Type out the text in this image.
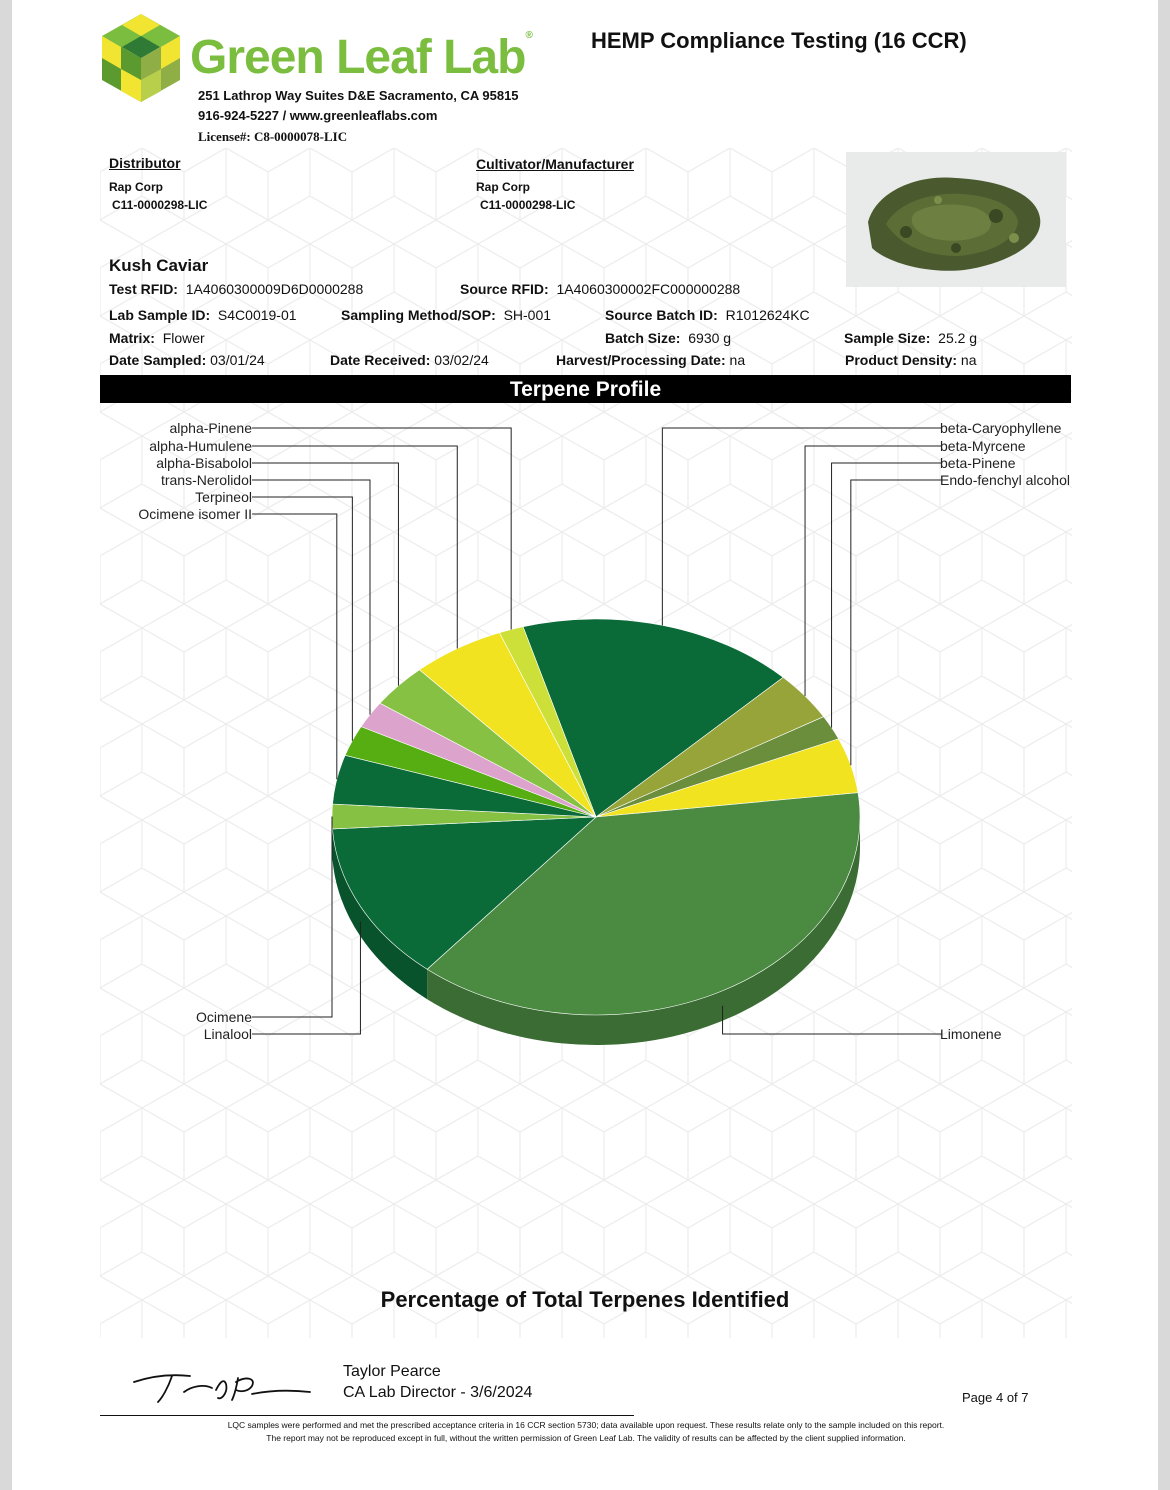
Green Leaf Lab®	HEMP Compliance Testing (16 CCR)
251 Lathrop Way Suites D&E Sacramento, CA 95815
916-924-5227 / www.greenleaflabs.com
License#: C8-0000078-LIC
Distributor
Rap Corp
C11-0000298-LIC
Cultivator/Manufacturer
Rap Corp
C11-0000298-LIC
Kush Caviar
Test RFID: 1A4060300009D6D0000288	Source RFID: 1A4060300002FC000000288
Lab Sample ID: S4C0019-01	Sampling Method/SOP: SH-001	Source Batch ID: R1012624KC
Matrix: Flower	Batch Size: 6930 g	Sample Size: 25.2 g
Date Sampled: 03/01/24	Date Received: 03/02/24	Harvest/Processing Date: na	Product Density: na
Terpene Profile
beta-Caryophyllene
beta-Myrcene
beta-Pinene
Endo-fenchyl alcohol
Limonene
Linalool
Ocimene
Ocimene isomer II
Terpineol
trans-Nerolidol
alpha-Bisabolol
alpha-Humulene
alpha-Pinene
Percentage of Total Terpenes Identified
Taylor Pearce
CA Lab Director - 3/6/2024	Page 4 of 7
LQC samples were performed and met the prescribed acceptance criteria in 16 CCR section 5730; data available upon request. These results relate only to the sample included on this report.
The report may not be reproduced except in full, without the written permission of Green Leaf Lab. The validity of results can be affected by the client supplied information.
